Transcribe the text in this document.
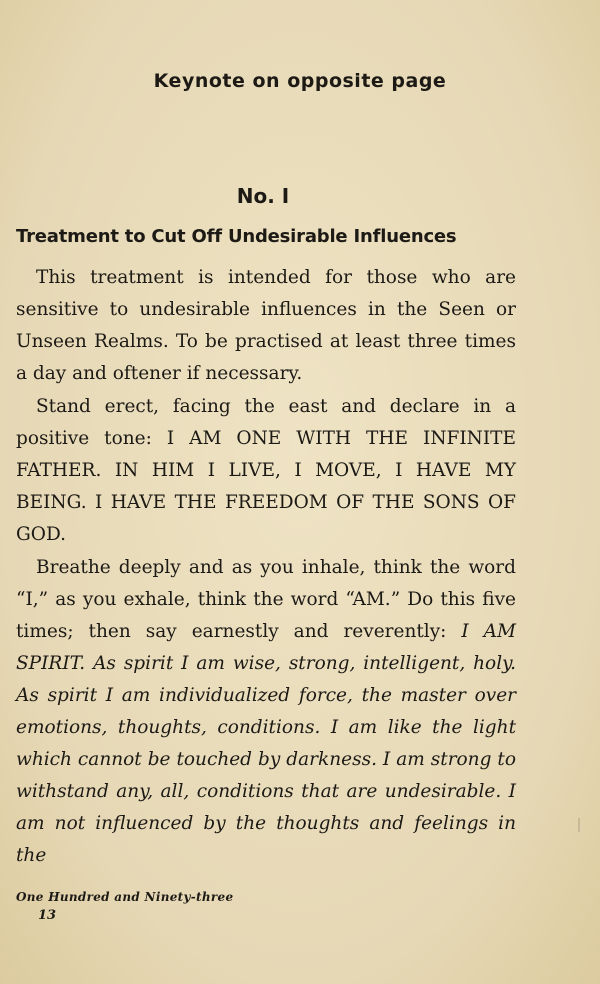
Keynote on opposite page
No. I
Treatment to Cut Off Undesirable Influences

This treatment is intended for those who are sensitive to undesirable influences in the Seen or Unseen Realms. To be practised at least three times a day and oftener if necessary.

Stand erect, facing the east and declare in a positive tone: I AM ONE WITH THE INFINITE FATHER. IN HIM I LIVE, I MOVE, I HAVE MY BEING. I HAVE THE FREEDOM OF THE SONS OF GOD.

Breathe deeply and as you inhale, think the word “I,” as you exhale, think the word “AM.” Do this five times; then say earnestly and reverently: I AM SPIRIT. As spirit I am wise, strong, intelligent, holy. As spirit I am individualized force, the master over emotions, thoughts, conditions. I am like the light which cannot be touched by darkness. I am strong to withstand any, all, conditions that are undesirable. I am not influenced by the thoughts and feelings in the

One Hundred and Ninety-three
13
